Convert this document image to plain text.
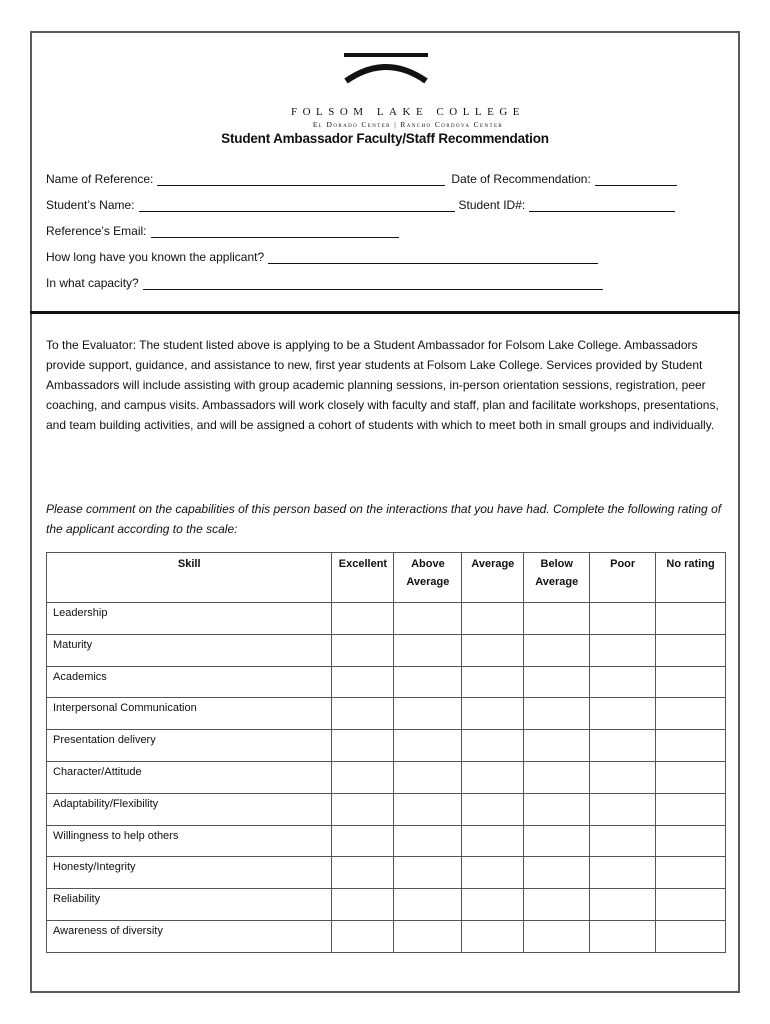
FOLSOM LAKE COLLEGE
El Dorado Center | Rancho Cordova Center
Student Ambassador Faculty/Staff Recommendation
Name of Reference:	Date of Recommendation:
Student’s Name:	Student ID#:
Reference’s Email:
How long have you known the applicant?
In what capacity?
To the Evaluator: The student listed above is applying to be a Student Ambassador for Folsom Lake College. Ambassadors provide support, guidance, and assistance to new, first year students at Folsom Lake College. Services provided by Student Ambassadors will include assisting with group academic planning sessions, in-person orientation sessions, registration, peer coaching, and campus visits. Ambassadors will work closely with faculty and staff, plan and facilitate workshops, presentations, and team building activities, and will be assigned a cohort of students with which to meet both in small groups and individually.
Please comment on the capabilities of this person based on the interactions that you have had. Complete the following rating of the applicant according to the scale:
Skill	Excellent	Above Average	Average	Below Average	Poor	No rating
Leadership						
Maturity						
Academics						
Interpersonal Communication						
Presentation delivery						
Character/Attitude						
Adaptability/Flexibility						
Willingness to help others						
Honesty/Integrity						
Reliability						
Awareness of diversity						
